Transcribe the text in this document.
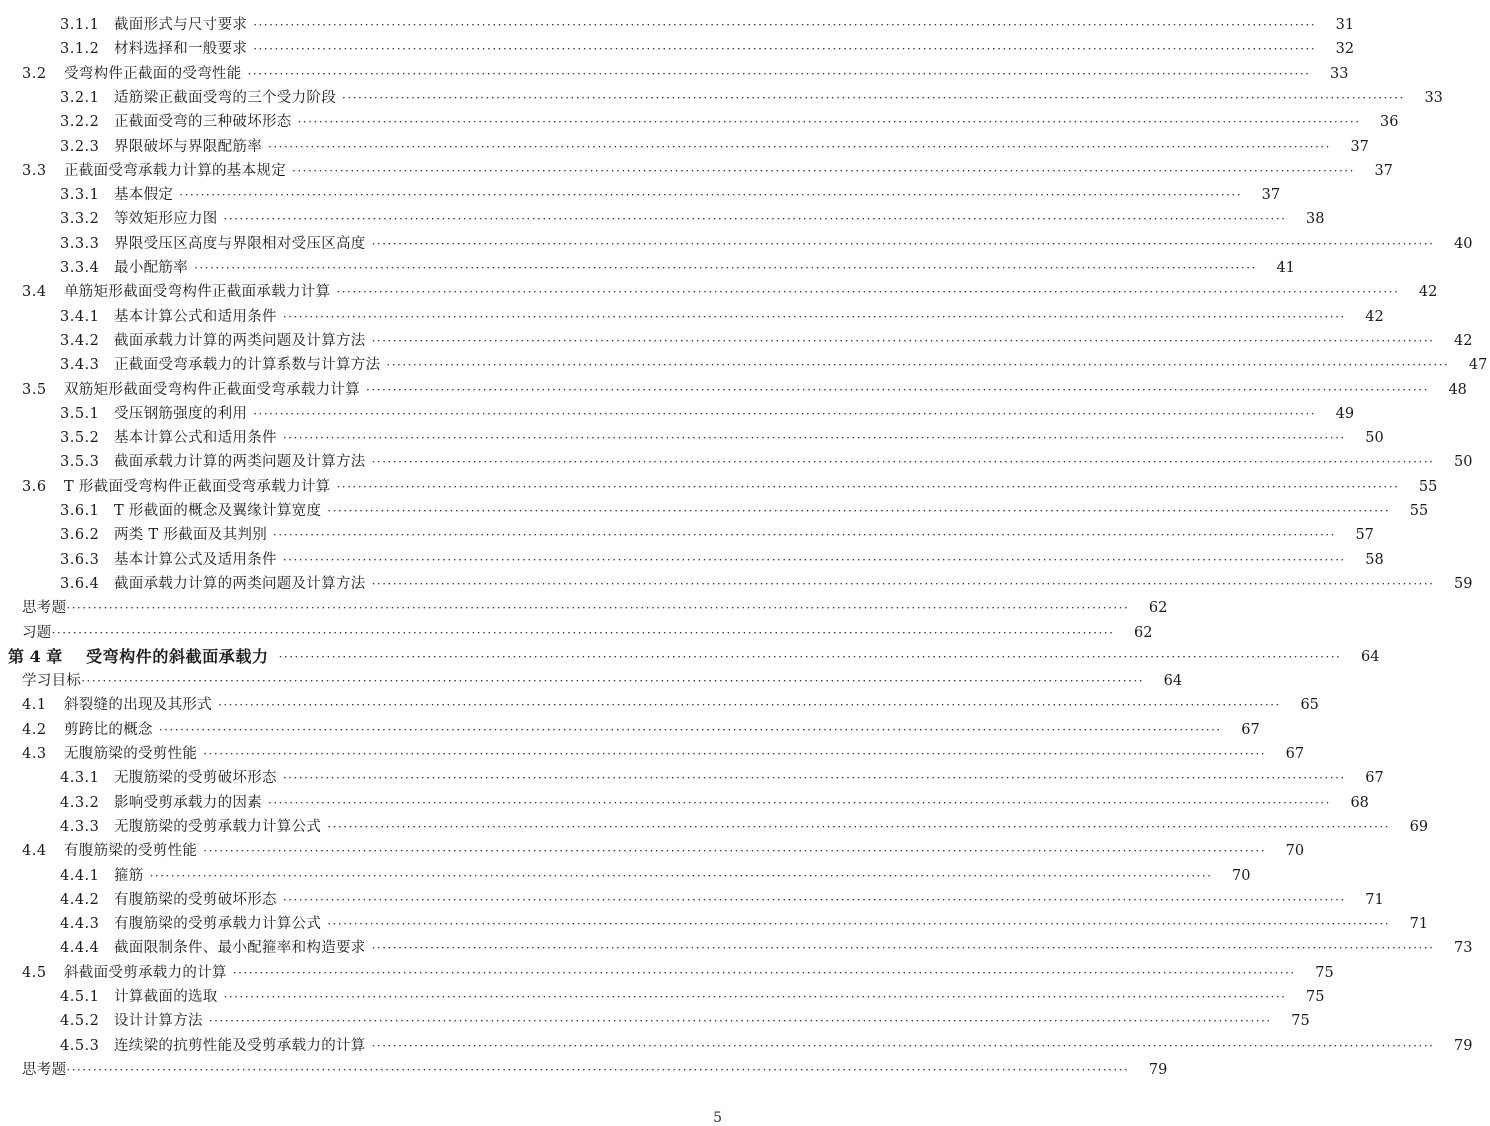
3.1.1 截面形式与尺寸要求 ········································································································································································································	31
3.1.2 材料选择和一般要求 ········································································································································································································	32
3.2 受弯构件正截面的受弯性能 ········································································································································································································	33
3.2.1 适筋梁正截面受弯的三个受力阶段 ········································································································································································································	33
3.2.2 正截面受弯的三种破坏形态 ········································································································································································································	36
3.2.3 界限破坏与界限配筋率 ········································································································································································································	37
3.3 正截面受弯承载力计算的基本规定 ········································································································································································································	37
3.3.1 基本假定 ········································································································································································································	37
3.3.2 等效矩形应力图 ········································································································································································································	38
3.3.3 界限受压区高度与界限相对受压区高度 ········································································································································································································	40
3.3.4 最小配筋率 ········································································································································································································	41
3.4 单筋矩形截面受弯构件正截面承载力计算 ········································································································································································································	42
3.4.1 基本计算公式和适用条件 ········································································································································································································	42
3.4.2 截面承载力计算的两类问题及计算方法 ········································································································································································································	42
3.4.3 正截面受弯承载力的计算系数与计算方法 ········································································································································································································	47
3.5 双筋矩形截面受弯构件正截面受弯承载力计算 ········································································································································································································	48
3.5.1 受压钢筋强度的利用 ········································································································································································································	49
3.5.2 基本计算公式和适用条件 ········································································································································································································	50
3.5.3 截面承载力计算的两类问题及计算方法 ········································································································································································································	50
3.6 T 形截面受弯构件正截面受弯承载力计算 ········································································································································································································	55
3.6.1 T 形截面的概念及翼缘计算宽度 ········································································································································································································	55
3.6.2 两类 T 形截面及其判别 ········································································································································································································	57
3.6.3 基本计算公式及适用条件 ········································································································································································································	58
3.6.4 截面承载力计算的两类问题及计算方法 ········································································································································································································	59
思考题 ········································································································································································································	62
习题 ········································································································································································································	62
第 4 章 受弯构件的斜截面承载力 ········································································································································································································	64
学习目标 ········································································································································································································	64
4.1 斜裂缝的出现及其形式 ········································································································································································································	65
4.2 剪跨比的概念 ········································································································································································································	67
4.3 无腹筋梁的受剪性能 ········································································································································································································	67
4.3.1 无腹筋梁的受剪破坏形态 ········································································································································································································	67
4.3.2 影响受剪承载力的因素 ········································································································································································································	68
4.3.3 无腹筋梁的受剪承载力计算公式 ········································································································································································································	69
4.4 有腹筋梁的受剪性能 ········································································································································································································	70
4.4.1 箍筋 ········································································································································································································	70
4.4.2 有腹筋梁的受剪破坏形态 ········································································································································································································	71
4.4.3 有腹筋梁的受剪承载力计算公式 ········································································································································································································	71
4.4.4 截面限制条件、最小配箍率和构造要求 ········································································································································································································	73
4.5 斜截面受剪承载力的计算 ········································································································································································································	75
4.5.1 计算截面的选取 ········································································································································································································	75
4.5.2 设计计算方法 ········································································································································································································	75
4.5.3 连续梁的抗剪性能及受剪承载力的计算 ········································································································································································································	79
思考题 ········································································································································································································	79
5
